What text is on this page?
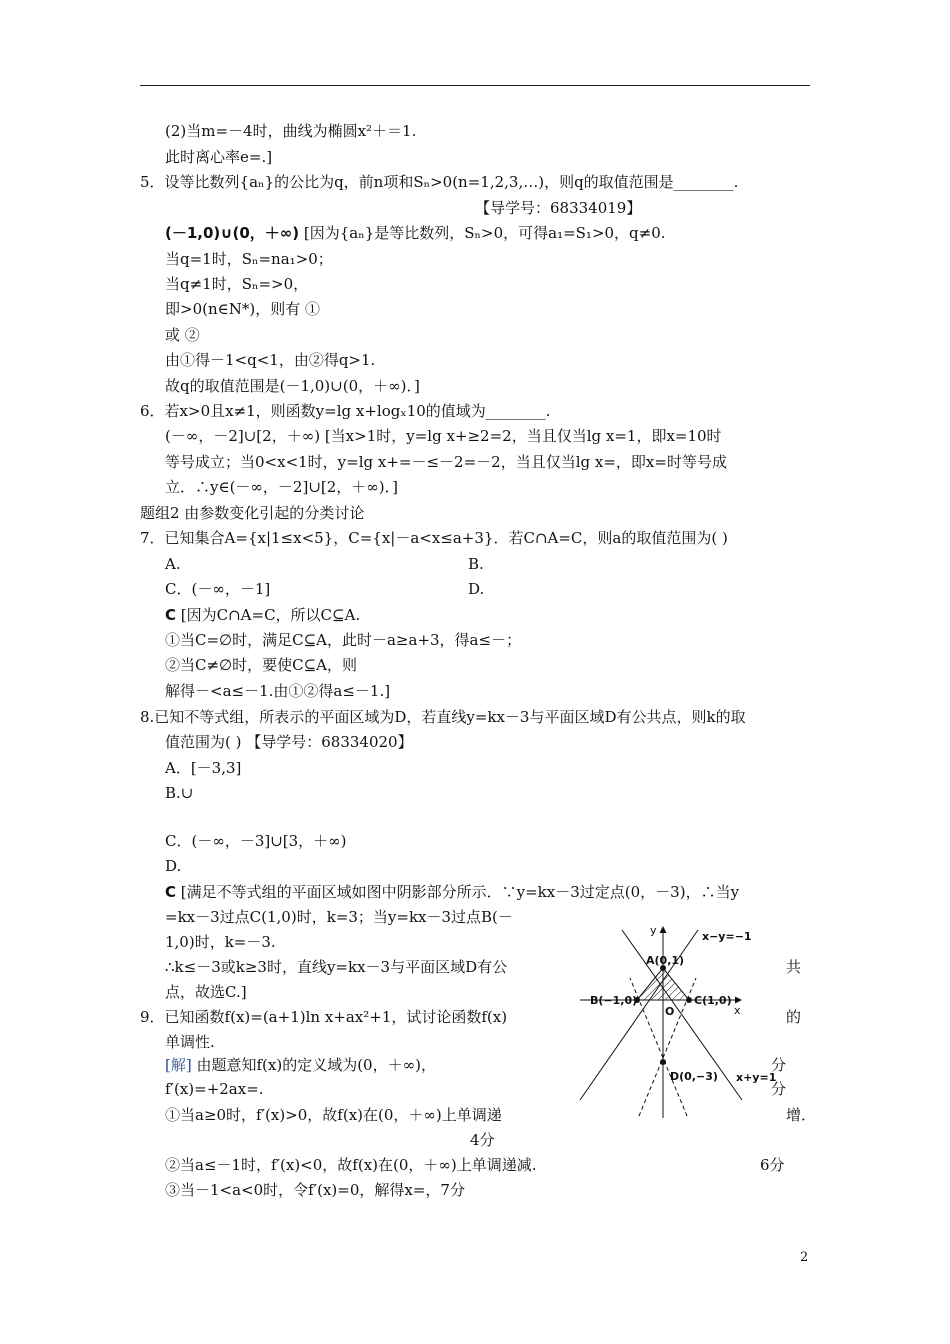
(2)当m=－4时，曲线为椭圆x²＋＝1.
此时离心率e=.]
5．设等比数列{aₙ}的公比为q，前n项和Sₙ>0(n=1,2,3,…)，则q的取值范围是________.
【导学号：68334019】
(－1,0)∪(0，＋∞) [因为{aₙ}是等比数列，Sₙ>0，可得a₁=S₁>0，q≠0.
当q=1时，Sₙ=na₁>0；
当q≠1时，Sₙ=>0，
即>0(n∈N*)，则有 ①
或 ②
由①得－1<q<1，由②得q>1.
故q的取值范围是(－1,0)∪(0，＋∞)．]
6．若x>0且x≠1，则函数y=lg x+logₓ10的值域为________.
(－∞，－2]∪[2，＋∞) [当x>1时，y=lg x+≥2=2，当且仅当lg x=1，即x=10时
等号成立；当0<x<1时，y=lg x+=－≤－2=－2，当且仅当lg x=，即x=时等号成
立．∴y∈(－∞，－2]∪[2，＋∞)．]
题组2 由参数变化引起的分类讨论
7．已知集合A={x|1≤x<5}，C={x|－a<x≤a+3}．若C∩A=C，则a的取值范围为( )
A.	B.
C．(－∞，－1]	D.
C [因为C∩A=C，所以C⊆A.
①当C=∅时，满足C⊆A，此时－a≥a+3，得a≤－；
②当C≠∅时，要使C⊆A，则
解得－<a≤－1.由①②得a≤－1.]
8.已知不等式组，所表示的平面区域为D，若直线y=kx－3与平面区域D有公共点，则k的取
值范围为( ) 【导学号：68334020】
A．[－3,3]
B.∪
C．(－∞，－3]∪[3，＋∞)
D.
C [满足不等式组的平面区域如图中阴影部分所示．∵y=kx－3过定点(0，－3)，∴当y
=kx－3过点C(1,0)时，k=3；当y=kx－3过点B(－
1,0)时，k=－3.
∴k≤－3或k≥3时，直线y=kx－3与平面区域D有公	共
点，故选C.]
9．已知函数f(x)=(a+1)ln x+ax²+1，试讨论函数f(x)	的
单调性.
[解] 由题意知f(x)的定义域为(0，＋∞)，	分
f′(x)=+2ax=.	分
①当a≥0时，f′(x)>0，故f(x)在(0，＋∞)上单调递	增．
4分
②当a≤－1时，f′(x)<0，故f(x)在(0，＋∞)上单调递减.	6分
③当－1<a<0时，令f′(x)=0，解得x=，7分
y
x
O
A(0,1)
B(−1,0)	C(1,0)
D(0,−3)
x−y=−1
x+y=1
2
